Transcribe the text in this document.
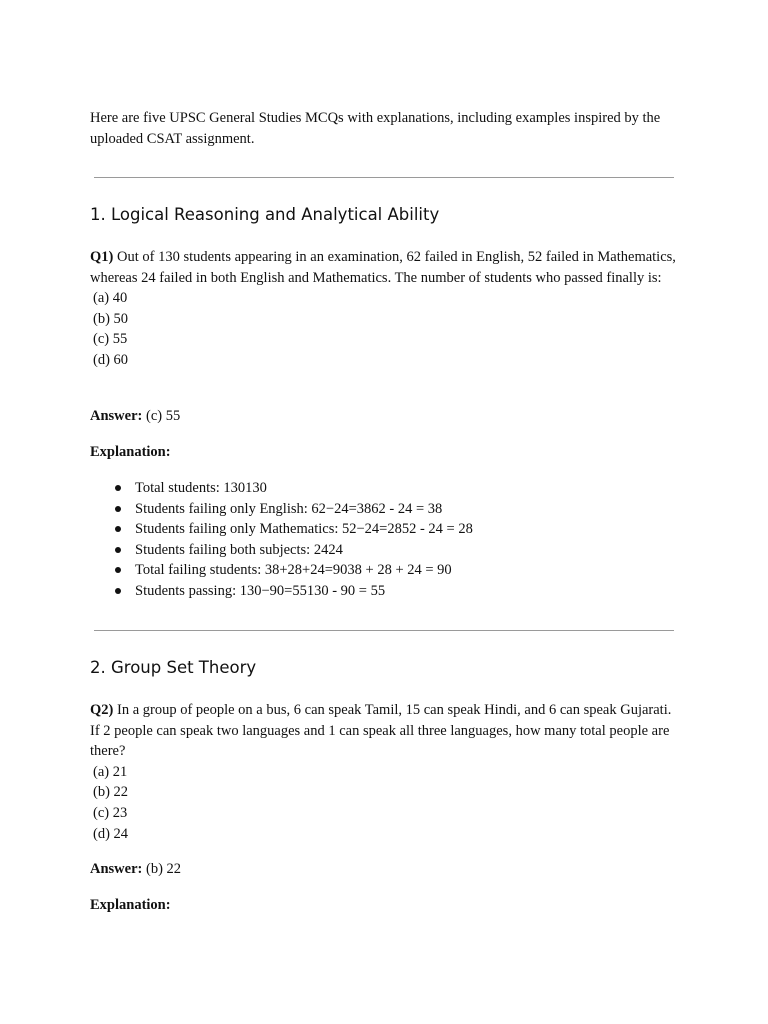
Here are five UPSC General Studies MCQs with explanations, including examples inspired by the uploaded CSAT assignment.
1. Logical Reasoning and Analytical Ability
Q1) Out of 130 students appearing in an examination, 62 failed in English, 52 failed in Mathematics, whereas 24 failed in both English and Mathematics. The number of students who passed finally is:
(a) 40
(b) 50
(c) 55
(d) 60
Answer: (c) 55
Explanation:
Total students: 130130
Students failing only English: 62−24=3862 - 24 = 38
Students failing only Mathematics: 52−24=2852 - 24 = 28
Students failing both subjects: 2424
Total failing students: 38+28+24=9038 + 28 + 24 = 90
Students passing: 130−90=55130 - 90 = 55
2. Group Set Theory
Q2) In a group of people on a bus, 6 can speak Tamil, 15 can speak Hindi, and 6 can speak Gujarati. If 2 people can speak two languages and 1 can speak all three languages, how many total people are there?
(a) 21
(b) 22
(c) 23
(d) 24
Answer: (b) 22
Explanation:
